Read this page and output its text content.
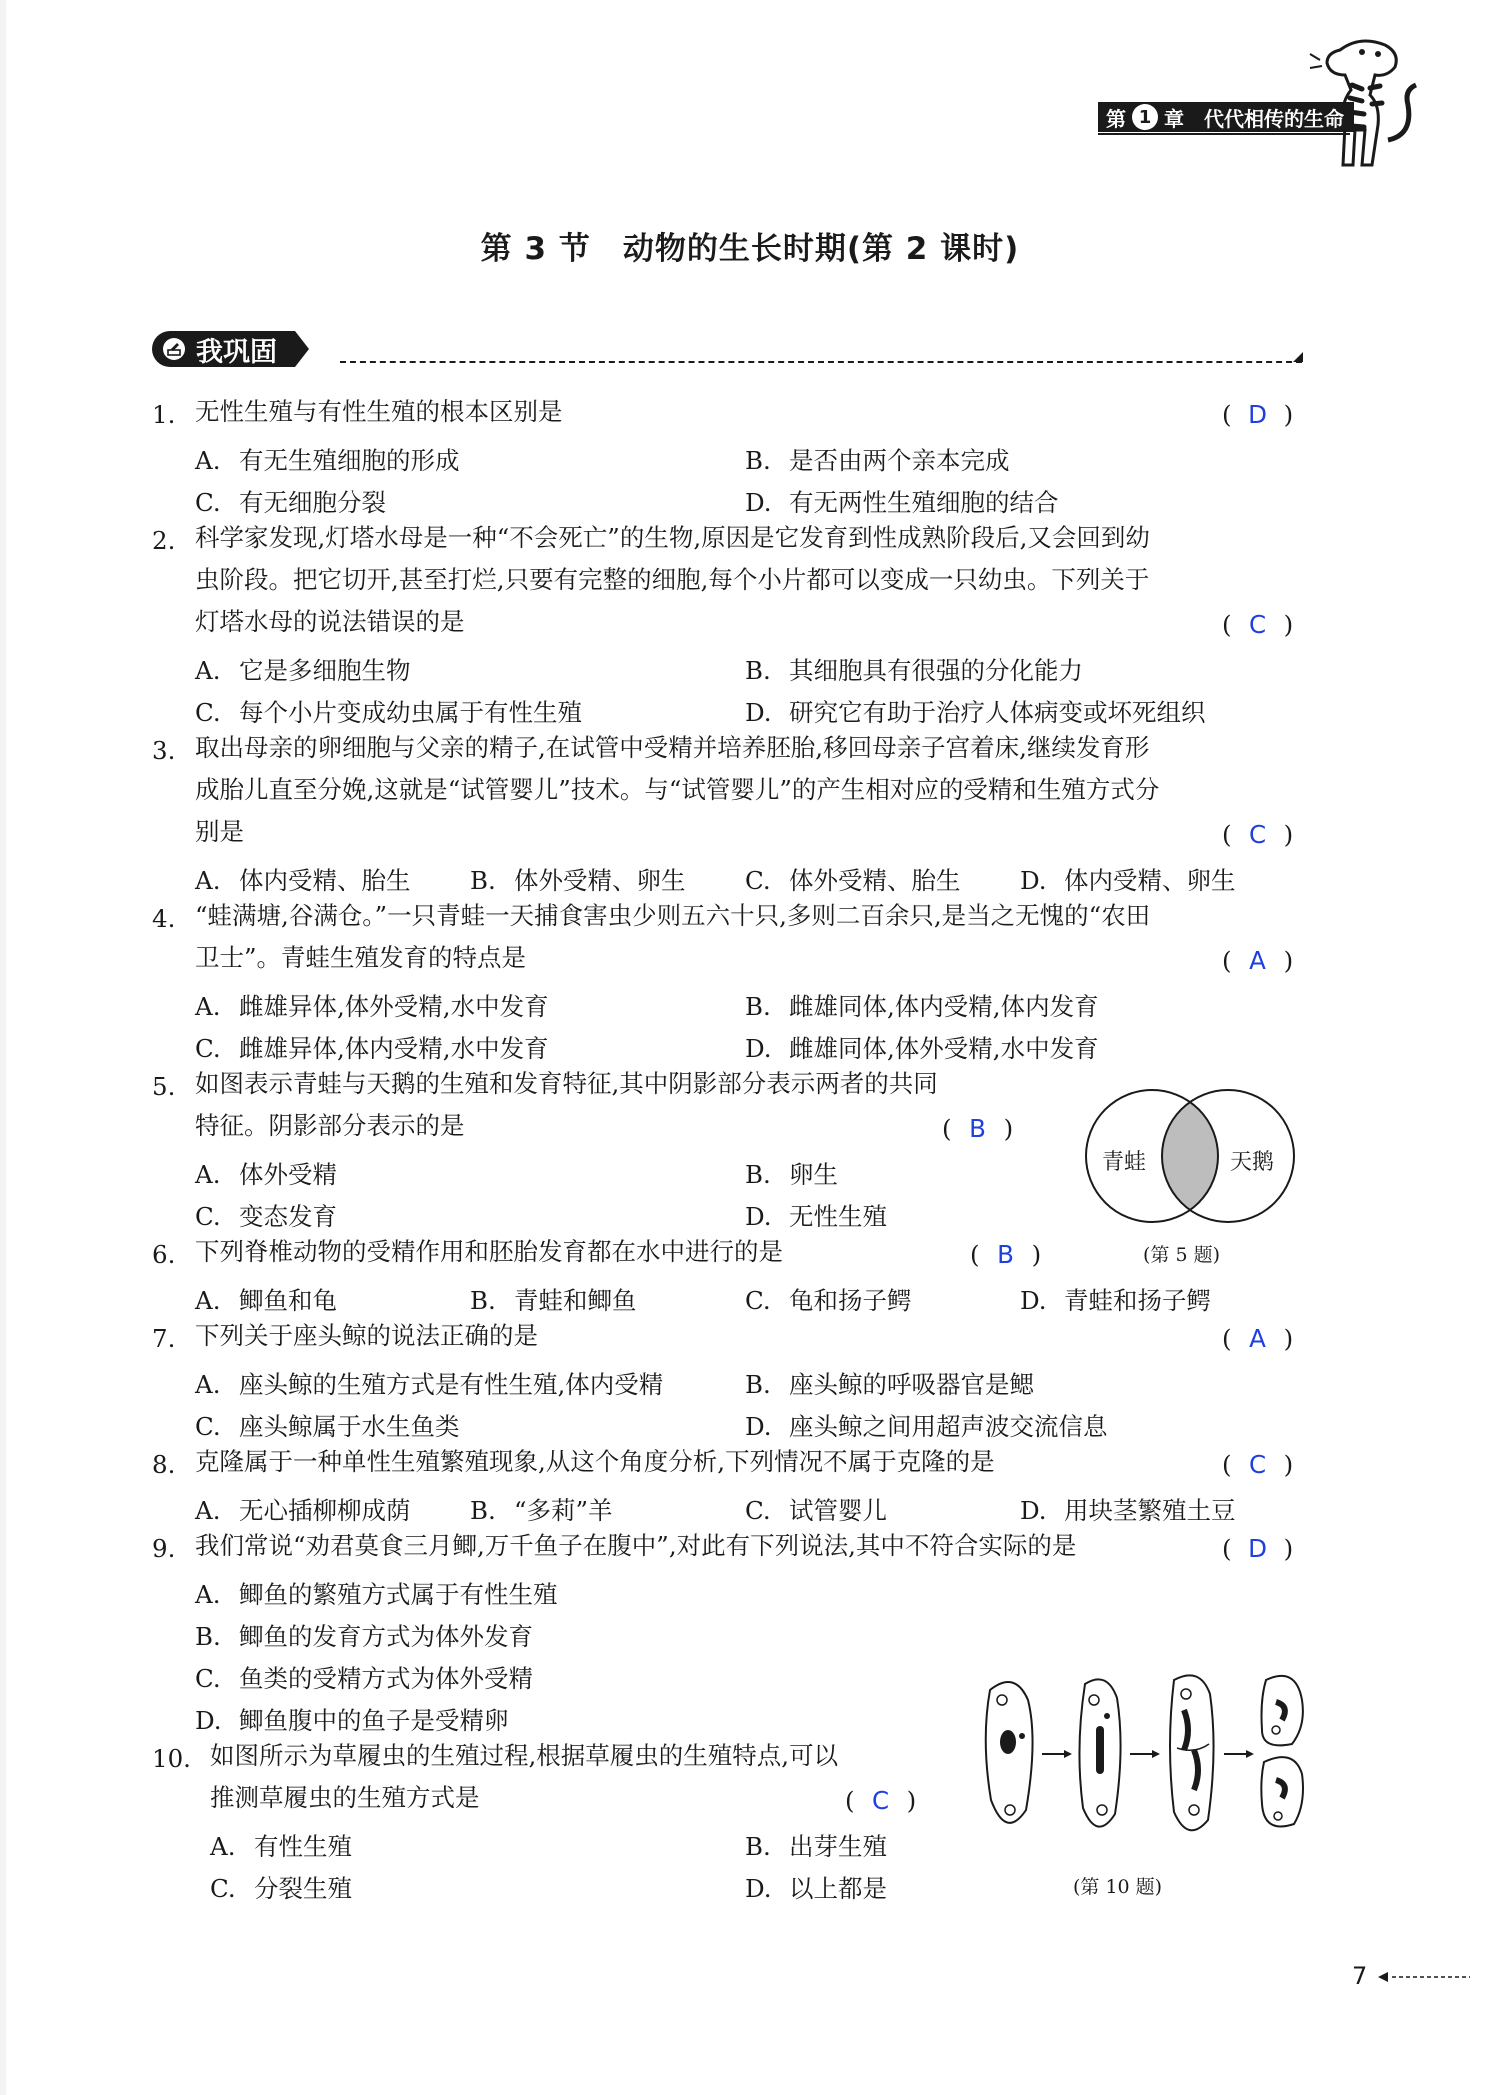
第 1 章 代代相传的生命
第 3 节　动物的生长时期(第 2 课时)
我巩固
1. 无性生殖与有性生殖的根本区别是	( D )
A. 有无生殖细胞的形成	B. 是否由两个亲本完成
C. 有无细胞分裂	D. 有无两性生殖细胞的结合
2. 科学家发现,灯塔水母是一种“不会死亡”的生物,原因是它发育到性成熟阶段后,又会回到幼
虫阶段。把它切开,甚至打烂,只要有完整的细胞,每个小片都可以变成一只幼虫。下列关于
灯塔水母的说法错误的是	( C )
A. 它是多细胞生物	B. 其细胞具有很强的分化能力
C. 每个小片变成幼虫属于有性生殖	D. 研究它有助于治疗人体病变或坏死组织
3. 取出母亲的卵细胞与父亲的精子,在试管中受精并培养胚胎,移回母亲子宫着床,继续发育形
成胎儿直至分娩,这就是“试管婴儿”技术。与“试管婴儿”的产生相对应的受精和生殖方式分
别是	( C )
A. 体内受精、胎生 B. 体外受精、卵生 C. 体外受精、胎生 D. 体内受精、卵生
4. “蛙满塘,谷满仓。”一只青蛙一天捕食害虫少则五六十只,多则二百余只,是当之无愧的“农田
卫士”。青蛙生殖发育的特点是	( A )
A. 雌雄异体,体外受精,水中发育	B. 雌雄同体,体内受精,体内发育
C. 雌雄异体,体内受精,水中发育	D. 雌雄同体,体外受精,水中发育
5. 如图表示青蛙与天鹅的生殖和发育特征,其中阴影部分表示两者的共同
特征。阴影部分表示的是	( B )
A. 体外受精	B. 卵生
C. 变态发育	D. 无性生殖
青蛙	天鹅
(第 5 题)
6. 下列脊椎动物的受精作用和胚胎发育都在水中进行的是	( B )
A. 鲫鱼和龟	B. 青蛙和鲫鱼	C. 龟和扬子鳄	D. 青蛙和扬子鳄
7. 下列关于座头鲸的说法正确的是	( A )
A. 座头鲸的生殖方式是有性生殖,体内受精	B. 座头鲸的呼吸器官是鳃
C. 座头鲸属于水生鱼类	D. 座头鲸之间用超声波交流信息
8. 克隆属于一种单性生殖繁殖现象,从这个角度分析,下列情况不属于克隆的是	( C )
A. 无心插柳柳成荫 B. “多莉”羊	C. 试管婴儿	D. 用块茎繁殖土豆
9. 我们常说“劝君莫食三月鲫,万千鱼子在腹中”,对此有下列说法,其中不符合实际的是	( D )
A. 鲫鱼的繁殖方式属于有性生殖
B. 鲫鱼的发育方式为体外发育
C. 鱼类的受精方式为体外受精
D. 鲫鱼腹中的鱼子是受精卵
10. 如图所示为草履虫的生殖过程,根据草履虫的生殖特点,可以
推测草履虫的生殖方式是	( C )
A. 有性生殖	B. 出芽生殖
C. 分裂生殖	D. 以上都是	(第 10 题)
7
